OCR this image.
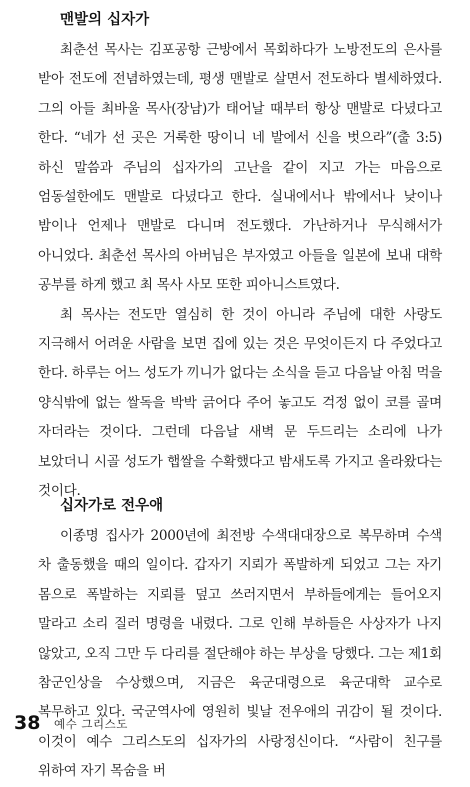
맨발의 십자가

최춘선 목사는 김포공항 근방에서 목회하다가 노방전도의 은사를 받아 전도에 전념하였는데, 평생 맨발로 살면서 전도하다 별세하였다. 그의 아들 최바울 목사(장남)가 태어날 때부터 항상 맨발로 다녔다고 한다. “네가 선 곳은 거룩한 땅이니 네 발에서 신을 벗으라”(출 3:5) 하신 말씀과 주님의 십자가의 고난을 같이 지고 가는 마음으로 엄동설한에도 맨발로 다녔다고 한다. 실내에서나 밖에서나 낮이나 밤이나 언제나 맨발로 다니며 전도했다. 가난하거나 무식해서가 아니었다. 최춘선 목사의 아버님은 부자였고 아들을 일본에 보내 대학 공부를 하게 했고 최 목사 사모 또한 피아니스트였다.

최 목사는 전도만 열심히 한 것이 아니라 주님에 대한 사랑도 지극해서 어려운 사람을 보면 집에 있는 것은 무엇이든지 다 주었다고 한다. 하루는 어느 성도가 끼니가 없다는 소식을 듣고 다음날 아침 먹을 양식밖에 없는 쌀독을 박박 긁어다 주어 놓고도 걱정 없이 코를 골며 자더라는 것이다. 그런데 다음날 새벽 문 두드리는 소리에 나가 보았더니 시골 성도가 햅쌀을 수확했다고 밤새도록 가지고 올라왔다는 것이다.

십자가로 전우애

이종명 집사가 2000년에 최전방 수색대대장으로 복무하며 수색 차 출동했을 때의 일이다. 갑자기 지뢰가 폭발하게 되었고 그는 자기 몸으로 폭발하는 지뢰를 덮고 쓰러지면서 부하들에게는 들어오지 말라고 소리 질러 명령을 내렸다. 그로 인해 부하들은 사상자가 나지 않았고, 오직 그만 두 다리를 절단해야 하는 부상을 당했다. 그는 제1회 참군인상을 수상했으며, 지금은 육군대령으로 육군대학 교수로 복무하고 있다. 국군역사에 영원히 빛날 전우애의 귀감이 될 것이다. 이것이 예수 그리스도의 십자가의 사랑정신이다. “사람이 친구를 위하여 자기 목숨을 버

38 예수 그리스도
